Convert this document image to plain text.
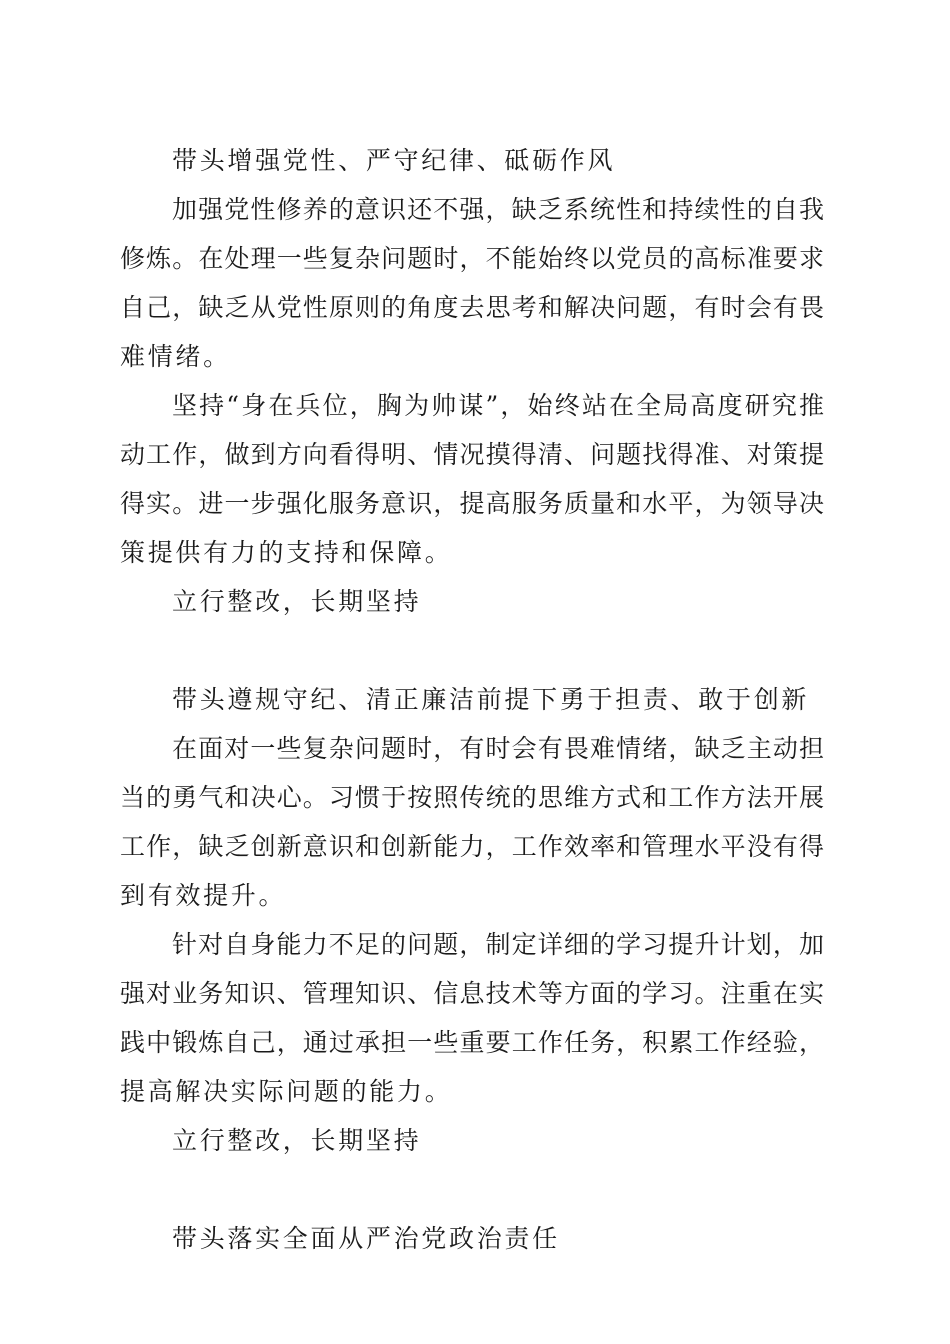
带头增强党性、严守纪律、砥砺作风
加强党性修养的意识还不强，缺乏系统性和持续性的自我
修炼。在处理一些复杂问题时，不能始终以党员的高标准要求
自己，缺乏从党性原则的角度去思考和解决问题，有时会有畏
难情绪。
坚持“身在兵位，胸为帅谋”，始终站在全局高度研究推
动工作，做到方向看得明、情况摸得清、问题找得准、对策提
得实。进一步强化服务意识，提高服务质量和水平，为领导决
策提供有力的支持和保障。
立行整改，长期坚持
带头遵规守纪、清正廉洁前提下勇于担责、敢于创新
在面对一些复杂问题时，有时会有畏难情绪，缺乏主动担
当的勇气和决心。习惯于按照传统的思维方式和工作方法开展
工作，缺乏创新意识和创新能力，工作效率和管理水平没有得
到有效提升。
针对自身能力不足的问题，制定详细的学习提升计划，加
强对业务知识、管理知识、信息技术等方面的学习。注重在实
践中锻炼自己，通过承担一些重要工作任务，积累工作经验，
提高解决实际问题的能力。
立行整改，长期坚持
带头落实全面从严治党政治责任
